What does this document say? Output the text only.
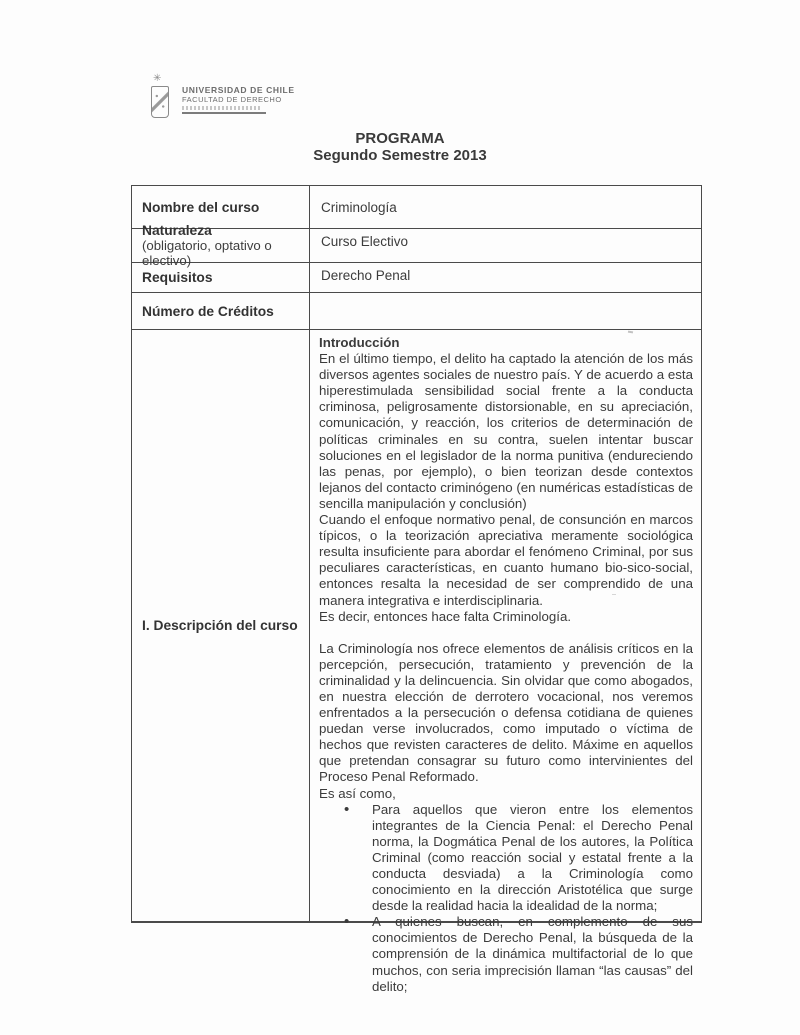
✳
UNIVERSIDAD DE CHILE
FACULTAD DE DERECHO

PROGRAMA

Segundo Semestre 2013

Nombre del curso	Criminología
Naturaleza
(obligatorio, optativo o electivo)
Curso Electivo
Requisitos	Derecho Penal
Número de Créditos
I. Descripción del curso

Introducción

En el último tiempo, el delito ha captado la atención de los más diversos agentes sociales de nuestro país. Y de acuerdo a esta hiperestimulada sensibilidad social frente a la conducta criminosa, peligrosamente distorsionable, en su apreciación, comunicación, y reacción, los criterios de determinación de políticas criminales en su contra, suelen intentar buscar soluciones en el legislador de la norma punitiva (endureciendo las penas, por ejemplo), o bien teorizan desde contextos lejanos del contacto criminógeno (en numéricas estadísticas de sencilla manipulación y conclusión)

Cuando el enfoque normativo penal, de consunción en marcos típicos, o la teorización apreciativa meramente sociológica resulta insuficiente para abordar el fenómeno Criminal, por sus peculiares características, en cuanto humano bio-sico-social, entonces resalta la necesidad de ser comprendido de una manera integrativa e interdisciplinaria.

Es decir, entonces hace falta Criminología.

La Criminología nos ofrece elementos de análisis críticos en la percepción, persecución, tratamiento y prevención de la criminalidad y la delincuencia. Sin olvidar que como abogados, en nuestra elección de derrotero vocacional, nos veremos enfrentados a la persecución o defensa cotidiana de quienes puedan verse involucrados, como imputado o víctima de hechos que revisten caracteres de delito. Máxime en aquellos que pretendan consagrar su futuro como intervinientes del Proceso Penal Reformado.

Es así como,

• Para aquellos que vieron entre los elementos integrantes de la Ciencia Penal: el Derecho Penal norma, la Dogmática Penal de los autores, la Política Criminal (como reacción social y estatal frente a la conducta desviada) a la Criminología como conocimiento en la dirección Aristotélica que surge desde la realidad hacia la idealidad de la norma;
• A quienes buscan, en complemento de sus conocimientos de Derecho Penal, la búsqueda de la comprensión de la dinámica multifactorial de lo que muchos, con seria imprecisión llaman “las causas” del delito;
